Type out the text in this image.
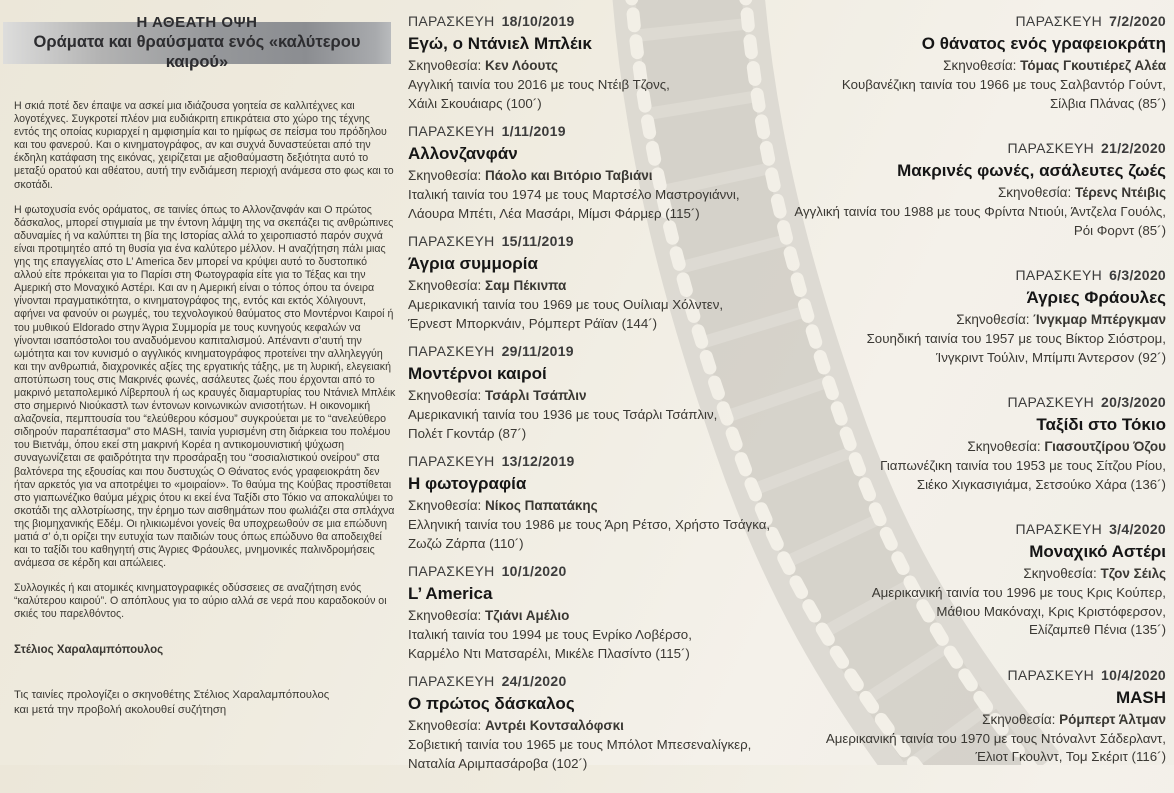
Η ΑΘΕΑΤΗ ΟΨΗ
Οράματα και θραύσματα ενός «καλύτερου καιρού»

Η σκιά ποτέ δεν έπαψε να ασκεί μια ιδιάζουσα γοητεία σε καλλιτέχνες και λογοτέχνες. Συγκροτεί πλέον μια ευδιάκριτη επικράτεια στο χώρο της τέχνης εντός της οποίας κυριαρχεί η αμφισημία και το ημίφως σε πείσμα του πρόδηλου και του φανερού. Και ο κινηματογράφος, αν και συχνά δυναστεύεται από την έκδηλη κατάφαση της εικόνας, χειρίζεται με αξιοθαύμαστη δεξιότητα αυτό το μεταξύ ορατού και αθέατου, αυτή την ενδιάμεση περιοχή ανάμεσα στο φως και το σκοτάδι.

Η φωτοχυσία ενός οράματος, σε ταινίες όπως το Αλλονζανφάν και Ο πρώτος δάσκαλος, μπορεί στιγμιαία με την έντονη λάμψη της να σκεπάζει τις ανθρώπινες αδυναμίες ή να καλύπτει τη βία της Ιστορίας αλλά το χειροπιαστό παρόν συχνά είναι προτιμητέο από τη θυσία για ένα καλύτερο μέλλον. Η αναζήτηση πάλι μιας γης της επαγγελίας στο L’ America δεν μπορεί να κρύψει αυτό το δυστοπικό αλλού είτε πρόκειται για το Παρίσι στη Φωτογραφία είτε για το Τέξας και την Αμερική στο Μοναχικό Αστέρι. Και αν η Αμερική είναι ο τόπος όπου τα όνειρα γίνονται πραγματικότητα, ο κινηματογράφος της, εντός και εκτός Χόλιγουντ, αφήνει να φανούν οι ρωγμές, του τεχνολογικού θαύματος στο Μοντέρνοι Καιροί ή του μυθικού Eldorado στην Άγρια Συμμορία με τους κυνηγούς κεφαλών να γίνονται ισαπόστολοι του αναδυόμενου καπιταλισμού. Απέναντι σ’αυτή την ωμότητα και τον κυνισμό ο αγγλικός κινηματογράφος προτείνει την αλληλεγγύη και την ανθρωπιά, διαχρονικές αξίες της εργατικής τάξης, με τη λυρική, ελεγειακή αποτύπωση τους στις Μακρινές φωνές, ασάλευτες ζωές που έρχονται από το μακρινό μεταπολεμικό Λίβερπουλ ή ως κραυγές διαμαρτυρίας του Ντάνιελ Μπλέικ στο σημερινό Νιούκαστλ των έντονων κοινωνικών ανισοτήτων. Η οικονομική αλαζονεία, πεμπτουσία του “ελεύθερου κόσμου” συγκρούεται με το “ανελεύθερο σιδηρούν παραπέτασμα” στο MASH, ταινία γυρισμένη στη διάρκεια του πολέμου του Βιετνάμ, όπου εκεί στη μακρινή Κορέα η αντικομουνιστική ψύχωση συναγωνίζεται σε φαιδρότητα την προσάραξη του “σοσιαλιστικού ονείρου” στα βαλτόνερα της εξουσίας και που δυστυχώς Ο Θάνατος ενός γραφειοκράτη δεν ήταν αρκετός για να αποτρέψει το «μοιραίον». Το θαύμα της Κούβας προστίθεται στο γιαπωνέζικο θαύμα μέχρις ότου κι εκεί ένα Ταξίδι στο Τόκιο να αποκαλύψει το σκοτάδι της αλλοτρίωσης, την έρημο των αισθημάτων που φωλιάζει στα σπλάχνα της βιομηχανικής Εδέμ. Οι ηλικιωμένοι γονείς θα υποχρεωθούν σε μια επώδυνη ματιά σ’ ό,τι ορίζει την ευτυχία των παιδιών τους όπως επώδυνο θα αποδειχθεί και το ταξίδι του καθηγητή στις Άγριες Φράουλες, μνημονικές παλινδρομήσεις ανάμεσα σε κέρδη και απώλειες.

Συλλογικές ή και ατομικές κινηματογραφικές οδύσσειες σε αναζήτηση ενός “καλύτερου καιρού”. Ο απόπλους για το αύριο αλλά σε νερά που καραδοκούν οι σκιές του παρελθόντος.

Στέλιος Χαραλαμπόπουλος

Τις ταινίες προλογίζει ο σκηνοθέτης Στέλιος Χαραλαμπόπουλος
και μετά την προβολή ακολουθεί συζήτηση

ΠΑΡΑΣΚΕΥΗ 18/10/2019
Εγώ, ο Ντάνιελ Μπλέικ
Σκηνοθεσία: Κεν Λόουτς
Αγγλική ταινία του 2016 με τους Ντέιβ Τζονς,
Χάιλι Σκουάιαρς (100´)
ΠΑΡΑΣΚΕΥΗ 1/11/2019
Αλλονζανφάν
Σκηνοθεσία: Πάολο και Βιτόριο Ταβιάνι
Ιταλική ταινία του 1974 με τους Μαρτσέλο Μαστρογιάννι,
Λάουρα Μπέτι, Λέα Μασάρι, Μίμσι Φάρμερ (115´)
ΠΑΡΑΣΚΕΥΗ 15/11/2019
Άγρια συμμορία
Σκηνοθεσία: Σαμ Πέκινπα
Αμερικανική ταινία του 1969 με τους Ουίλιαμ Χόλντεν,
Έρνεστ Μπορκνάιν, Ρόμπερτ Ράϊαν (144´)
ΠΑΡΑΣΚΕΥΗ 29/11/2019
Μοντέρνοι καιροί
Σκηνοθεσία: Τσάρλι Τσάπλιν
Αμερικανική ταινία του 1936 με τους Τσάρλι Τσάπλιν,
Πολέτ Γκοντάρ (87´)
ΠΑΡΑΣΚΕΥΗ 13/12/2019
Η φωτογραφία
Σκηνοθεσία: Νίκος Παπατάκης
Ελληνική ταινία του 1986 με τους Άρη Ρέτσο, Χρήστο Τσάγκα,
Ζωζώ Ζάρπα (110´)
ΠΑΡΑΣΚΕΥΗ 10/1/2020
L’ America
Σκηνοθεσία: Τζιάνι Αμέλιο
Ιταλική ταινία του 1994 με τους Ενρίκο Λοβέρσο,
Καρμέλο Ντι Ματσαρέλι, Μικέλε Πλασίντο (115´)
ΠΑΡΑΣΚΕΥΗ 24/1/2020
Ο πρώτος δάσκαλος
Σκηνοθεσία: Αντρέι Κοντσαλόφσκι
Σοβιετική ταινία του 1965 με τους Μπόλοτ Μπεσεναλίγκερ,
Ναταλία Αριμπασάροβα (102´)
ΠΑΡΑΣΚΕΥΗ 7/2/2020
Ο θάνατος ενός γραφειοκράτη
Σκηνοθεσία: Τόμας Γκουτιέρεζ Αλέα
Κουβανέζικη ταινία του 1966 με τους Σαλβαντόρ Γούντ,
Σίλβια Πλάνας (85´)
ΠΑΡΑΣΚΕΥΗ 21/2/2020
Μακρινές φωνές, ασάλευτες ζωές
Σκηνοθεσία: Τέρενς Ντέιβις
Αγγλική ταινία του 1988 με τους Φρίντα Ντιούι, Άντζελα Γουόλς,
Ρόι Φορντ (85´)
ΠΑΡΑΣΚΕΥΗ 6/3/2020
Άγριες Φράουλες
Σκηνοθεσία: Ίνγκμαρ Μπέργκμαν
Σουηδική ταινία του 1957 με τους Βίκτορ Σιόστρομ,
Ίνγκριντ Τούλιν, Μπίμπι Άντερσον (92´)
ΠΑΡΑΣΚΕΥΗ 20/3/2020
Ταξίδι στο Τόκιο
Σκηνοθεσία: Γιασουτζίρου Όζου
Γιαπωνέζικη ταινία του 1953 με τους Σίτζου Ρίου,
Σιέκο Χιγκασιγιάμα, Σετσούκο Χάρα (136´)
ΠΑΡΑΣΚΕΥΗ 3/4/2020
Μοναχικό Αστέρι
Σκηνοθεσία: Τζον Σέιλς
Αμερικανική ταινία του 1996 με τους Κρις Κούπερ,
Μάθιου Μακόναχι, Κρις Κριστόφερσον,
Ελίζαμπεθ Πένια (135´)
ΠΑΡΑΣΚΕΥΗ 10/4/2020
MASH
Σκηνοθεσία: Ρόμπερτ Άλτμαν
Αμερικανική ταινία του 1970 με τους Ντόναλντ Σάδερλαντ,
Έλιοτ Γκουλντ, Τομ Σκέριτ (116´)
